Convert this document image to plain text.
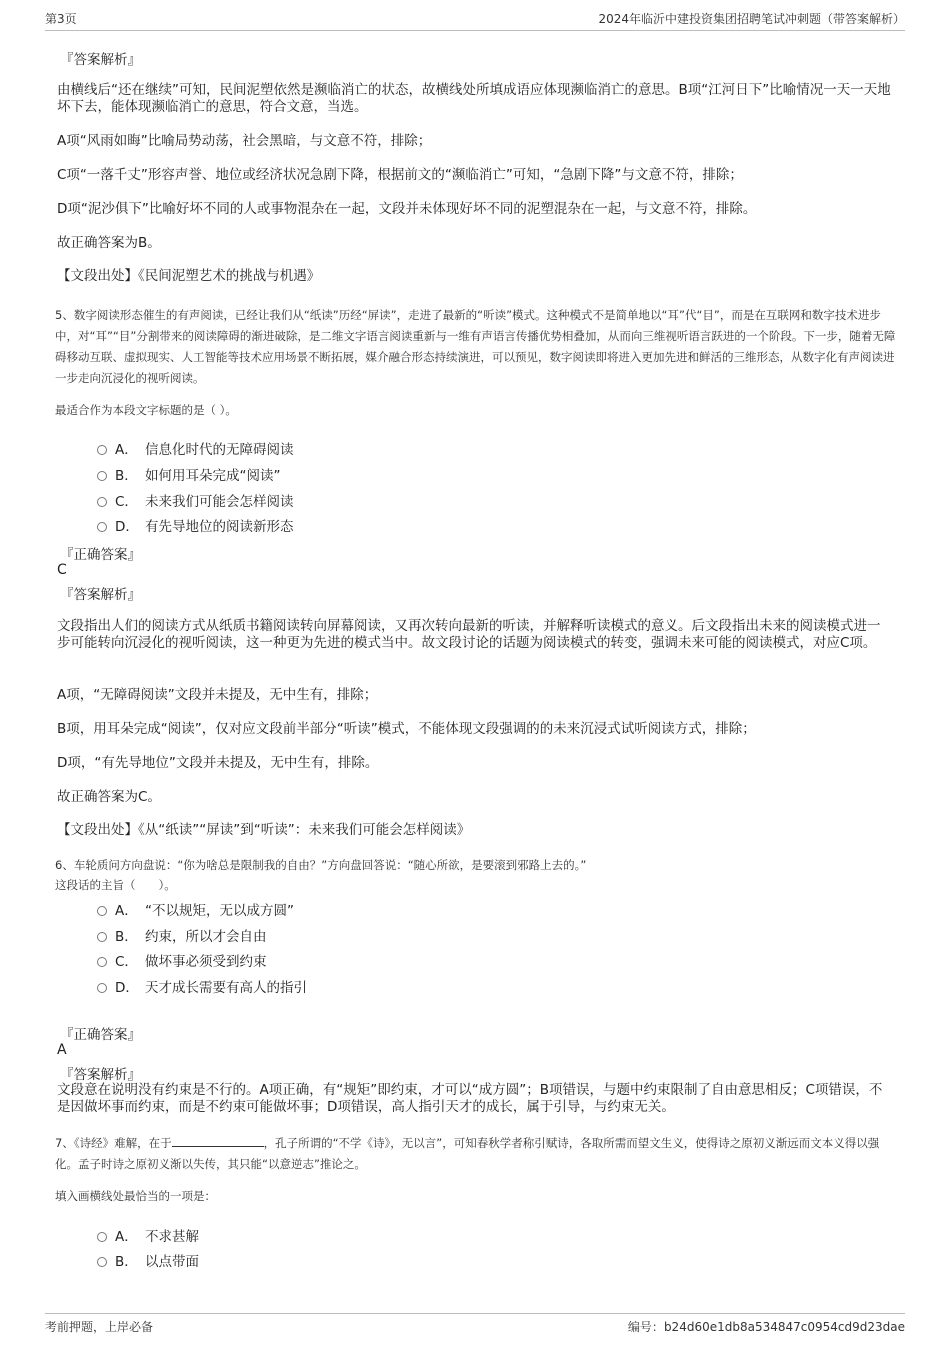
第3页	2024年临沂中建投资集团招聘笔试冲刺题（带答案解析）

『答案解析』

由横线后“还在继续”可知，民间泥塑依然是濒临消亡的状态，故横线处所填成语应体现濒临消亡的意思。B项“江河日下”比喻情况一天一天地坏下去，能体现濒临消亡的意思，符合文意，当选。

A项“风雨如晦”比喻局势动荡，社会黑暗，与文意不符，排除；

C项“一落千丈”形容声誉、地位或经济状况急剧下降，根据前文的“濒临消亡”可知，“急剧下降”与文意不符，排除；

D项“泥沙俱下”比喻好坏不同的人或事物混杂在一起，文段并未体现好坏不同的泥塑混杂在一起，与文意不符，排除。

故正确答案为B。

【文段出处】《民间泥塑艺术的挑战与机遇》

5、数字阅读形态催生的有声阅读，已经让我们从“纸读”历经“屏读”，走进了最新的“听读”模式。这种模式不是简单地以“耳”代“目”，而是在互联网和数字技术进步中，对“耳”“目”分割带来的阅读障碍的渐进破除，是二维文字语言阅读重新与一维有声语言传播优势相叠加，从而向三维视听语言跃进的一个阶段。下一步，随着无障碍移动互联、虚拟现实、人工智能等技术应用场景不断拓展，媒介融合形态持续演进，可以预见，数字阅读即将进入更加先进和鲜活的三维形态，从数字化有声阅读进一步走向沉浸化的视听阅读。

最适合作为本段文字标题的是（ ）。

A． 信息化时代的无障碍阅读
B． 如何用耳朵完成“阅读”
C． 未来我们可能会怎样阅读
D． 有先导地位的阅读新形态

『正确答案』

C

『答案解析』

文段指出人们的阅读方式从纸质书籍阅读转向屏幕阅读，又再次转向最新的听读，并解释听读模式的意义。后文段指出未来的阅读模式进一步可能转向沉浸化的视听阅读，这一种更为先进的模式当中。故文段讨论的话题为阅读模式的转变，强调未来可能的阅读模式，对应C项。

A项，“无障碍阅读”文段并未提及，无中生有，排除；

B项，用耳朵完成“阅读”，仅对应文段前半部分“听读”模式，不能体现文段强调的的未来沉浸式试听阅读方式，排除；

D项，“有先导地位”文段并未提及，无中生有，排除。

故正确答案为C。

【文段出处】《从“纸读”“屏读”到“听读”：未来我们可能会怎样阅读》

6、车轮质问方向盘说：“你为啥总是限制我的自由？”方向盘回答说：“随心所欲，是要滚到邪路上去的。”

这段话的主旨（　　）。

A． “不以规矩，无以成方圆”
B． 约束，所以才会自由
C． 做坏事必须受到约束
D． 天才成长需要有高人的指引

『正确答案』

A

『答案解析』

文段意在说明没有约束是不行的。A项正确，有“规矩”即约束，才可以“成方圆”；B项错误，与题中约束限制了自由意思相反；C项错误，不是因做坏事而约束，而是不约束可能做坏事；D项错误，高人指引天才的成长，属于引导，与约束无关。

7、《诗经》难解，在于	，孔子所谓的“不学《诗》，无以言”，可知春秋学者称引赋诗，各取所需而望文生义，使得诗之原初义渐远而文本义得以强化。孟子时诗之原初义渐以失传，其只能“以意逆志”推论之。

填入画横线处最恰当的一项是：

A． 不求甚解
B． 以点带面
考前押题，上岸必备	编号：b24d60e1db8a534847c0954cd9d23dae
